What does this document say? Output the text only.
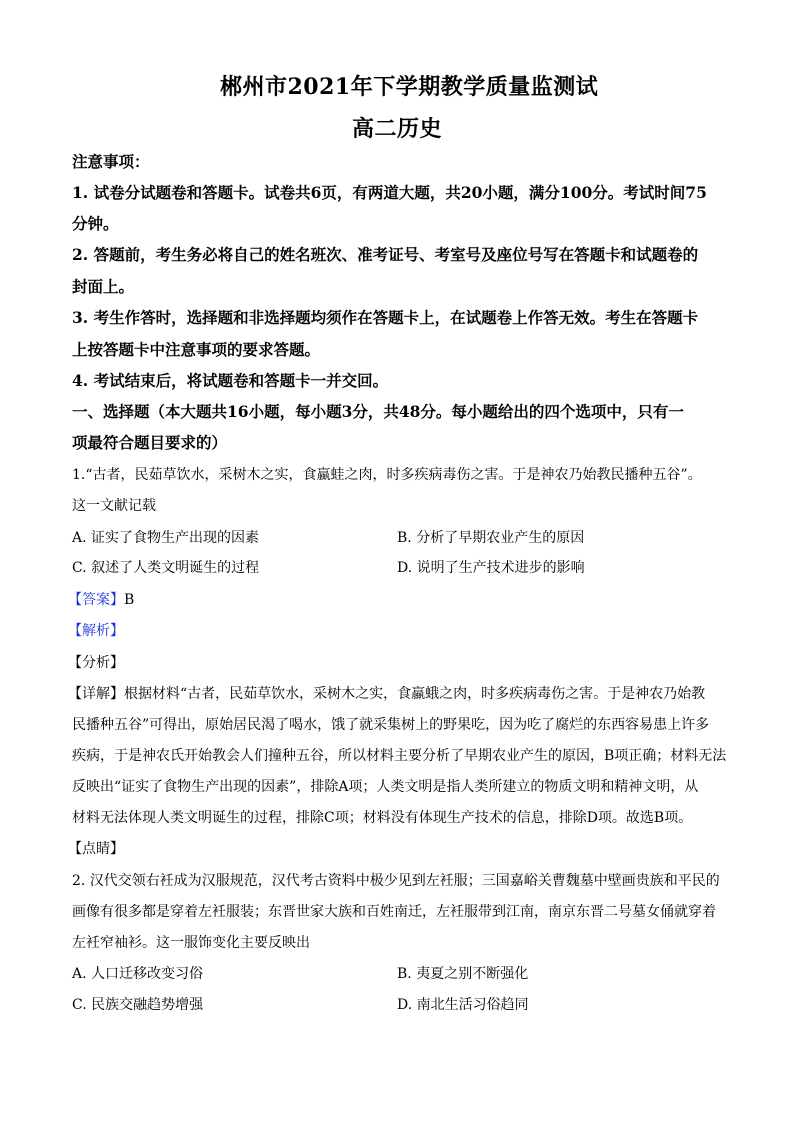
郴州市2021年下学期教学质量监测试
高二历史
注意事项：
1. 试卷分试题卷和答题卡。试卷共6页，有两道大题，共20小题，满分100分。考试时间75
分钟。
2. 答题前，考生务必将自己的姓名班次、准考证号、考室号及座位号写在答题卡和试题卷的
封面上。
3. 考生作答时，选择题和非选择题均须作在答题卡上，在试题卷上作答无效。考生在答题卡
上按答题卡中注意事项的要求答题。
4. 考试结束后，将试题卷和答题卡一并交回。
一、选择题（本大题共16小题，每小题3分，共48分。每小题给出的四个选项中，只有一
项最符合题目要求的）
1.“古者，民茹草饮水，采树木之实，食蠃蛙之肉，时多疾病毒伤之害。于是神农乃始教民播种五谷”。
这一文献记载
A. 证实了食物生产出现的因素	B. 分析了早期农业产生的原因
C. 叙述了人类文明诞生的过程	D. 说明了生产技术进步的影响
【答案】B
【解析】
【分析】
【详解】根据材料“古者，民茹草饮水，采树木之实，食蠃蛾之肉，时多疾病毒伤之害。于是神农乃始教
民播种五谷”可得出，原始居民渴了喝水，饿了就采集树上的野果吃，因为吃了腐烂的东西容易患上许多
疾病，于是神农氏开始教会人们撞种五谷，所以材料主要分析了早期农业产生的原因，B项正确；材料无法
反映出“证实了食物生产出现的因素”，排除A项；人类文明是指人类所建立的物质文明和精神文明，从
材料无法体现人类文明诞生的过程，排除C项；材料没有体现生产技术的信息，排除D项。故选B项。
【点睛】
2. 汉代交领右衽成为汉服规范，汉代考古资料中极少见到左衽服；三国嘉峪关曹魏墓中壁画贵族和平民的
画像有很多都是穿着左衽服装；东晋世家大族和百姓南迁，左衽服带到江南，南京东晋二号墓女俑就穿着
左衽窄袖衫。这一服饰变化主要反映出
A. 人口迁移改变习俗	B. 夷夏之别不断强化
C. 民族交融趋势增强	D. 南北生活习俗趋同
